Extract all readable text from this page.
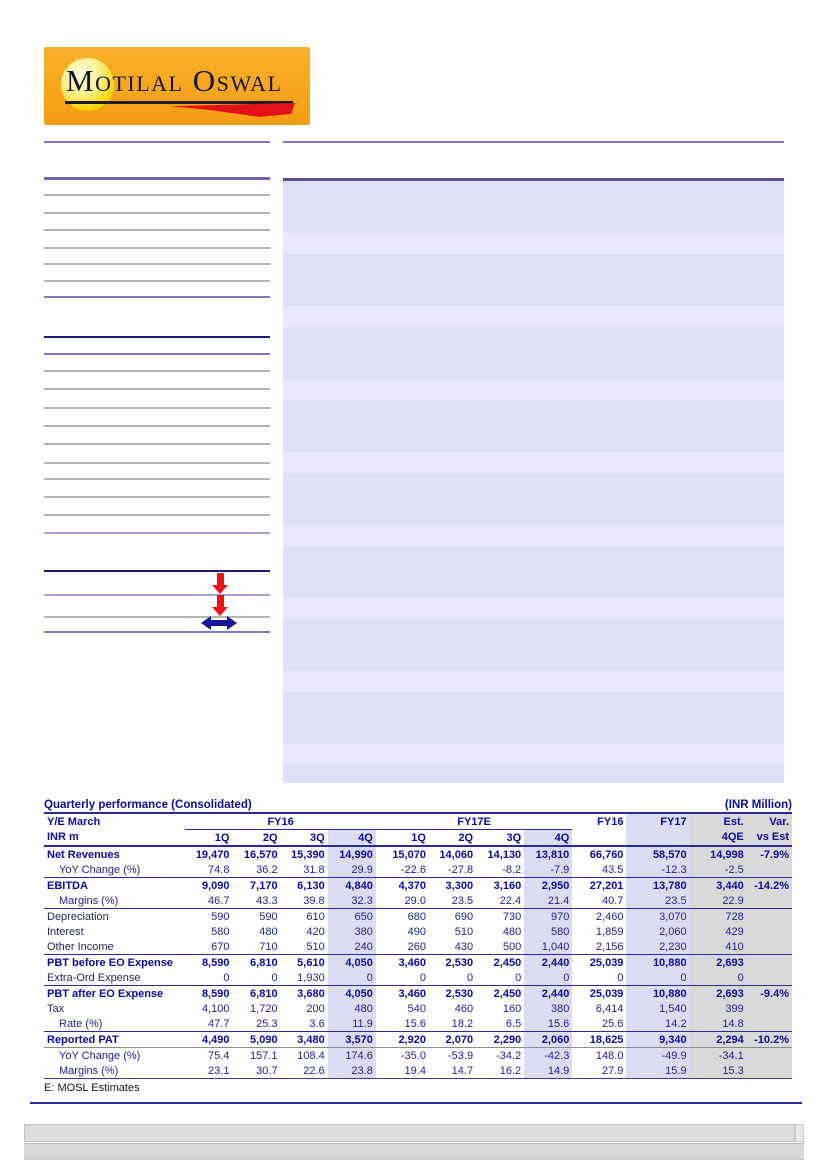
Motilal Oswal
Quarterly performance (Consolidated)	(INR Million)
Y/E March	FY16				FY17E				FY16	FY17	Est.	Var.
INR m	1Q	2Q	3Q	4Q	1Q	2Q	3Q	4Q			4QE	vs Est
Net Revenues	19,470	16,570	15,390	14,990	15,070	14,060	14,130	13,810	66,760	58,570	14,998	-7.9%
YoY Change (%)	74.8	36.2	31.8	29.9	-22.6	-27.8	-8.2	-7.9	43.5	-12.3	-2.5	
EBITDA	9,090	7,170	6,130	4,840	4,370	3,300	3,160	2,950	27,201	13,780	3,440	-14.2%
Margins (%)	46.7	43.3	39.8	32.3	29.0	23.5	22.4	21.4	40.7	23.5	22.9	
Depreciation	590	590	610	650	680	690	730	970	2,460	3,070	728	
Interest	580	480	420	380	490	510	480	580	1,859	2,060	429	
Other Income	670	710	510	240	260	430	500	1,040	2,156	2,230	410	
PBT before EO Expense	8,590	6,810	5,610	4,050	3,460	2,530	2,450	2,440	25,039	10,880	2,693	
Extra-Ord Expense	0	0	1,930	0	0	0	0	0	0	0	0	
PBT after EO Expense	8,590	6,810	3,680	4,050	3,460	2,530	2,450	2,440	25,039	10,880	2,693	-9.4%
Tax	4,100	1,720	200	480	540	460	160	380	6,414	1,540	399	
Rate (%)	47.7	25.3	3.6	11.9	15.6	18.2	6.5	15.6	25.6	14.2	14.8	
Reported PAT	4,490	5,090	3,480	3,570	2,920	2,070	2,290	2,060	18,625	9,340	2,294	-10.2%
YoY Change (%)	75.4	157.1	108.4	174.6	-35.0	-53.9	-34.2	-42.3	148.0	-49.9	-34.1	
Margins (%)	23.1	30.7	22.6	23.8	19.4	14.7	16.2	14.9	27.9	15.9	15.3	
E: MOSL Estimates
